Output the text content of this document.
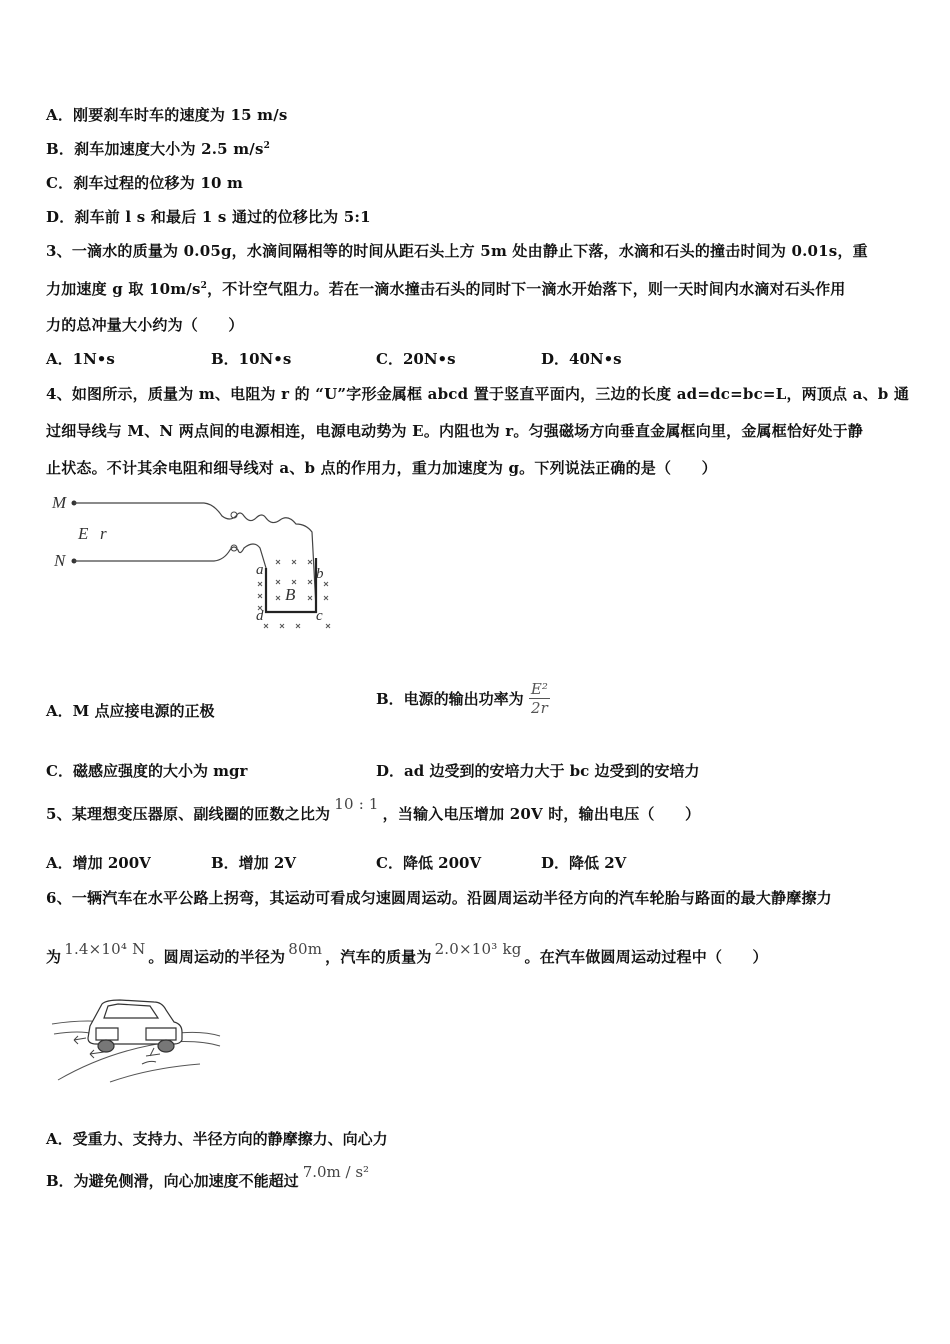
A．刚要刹车时车的速度为 15 m/s
B．刹车加速度大小为 2.5 $m/s^2$
C．刹车过程的位移为 10 m
D．刹车前 l s 和最后 1 s 通过的位移比为 5:1
3、一滴水的质量为 0.05g，水滴间隔相等的时间从距石头上方 5m 处由静止下落，水滴和石头的撞击时间为 0.01s，重
力加速度 g 取 $10m/s^2$，不计空气阻力。若在一滴水撞击石头的同时下一滴水开始落下，则一天时间内水滴对石头作用
力的总冲量大小约为（　　）
A．1N•s	B．10N•s	C．20N•s	D．40N•s
4、如图所示，质量为 m、电阻为 r 的 “U”字形金属框 abcd 置于竖直平面内，三边的长度 ad=dc=bc=L，两顶点 a、b 通
过细导线与 M、N 两点间的电源相连，电源电动势为 E。内阻也为 r。匀强磁场方向垂直金属框向里，金属框恰好处于静
止状态。不计其余电阻和细导线对 a、b 点的作用力，重力加速度为 g。下列说法正确的是（　　）
M
E r
N	a	b
B
c
d
A．M 点应接电源的正极
B．电源的输出功率为 $\frac{\text{E²}}{2r}$
C．磁感应强度的大小为 mgr	D．ad 边受到的安培力大于 bc 边受到的安培力
5、某理想变压器原、副线圈的匝数之比为10 : 1，当输入电压增加 20V 时，输出电压（　　）
A．增加 200V	B．增加 2V	C．降低 200V	D．降低 2V
6、一辆汽车在水平公路上拐弯，其运动可看成匀速圆周运动。沿圆周运动半径方向的汽车轮胎与路面的最大静摩擦力
为 1.4×10⁴ N 。圆周运动的半径为 80m ，汽车的质量为 2.0×10³ kg 。在汽车做圆周运动过程中（　　）
A．受重力、支持力、半径方向的静摩擦力、向心力
B．为避免侧滑，向心加速度不能超过 7.0m / s²
